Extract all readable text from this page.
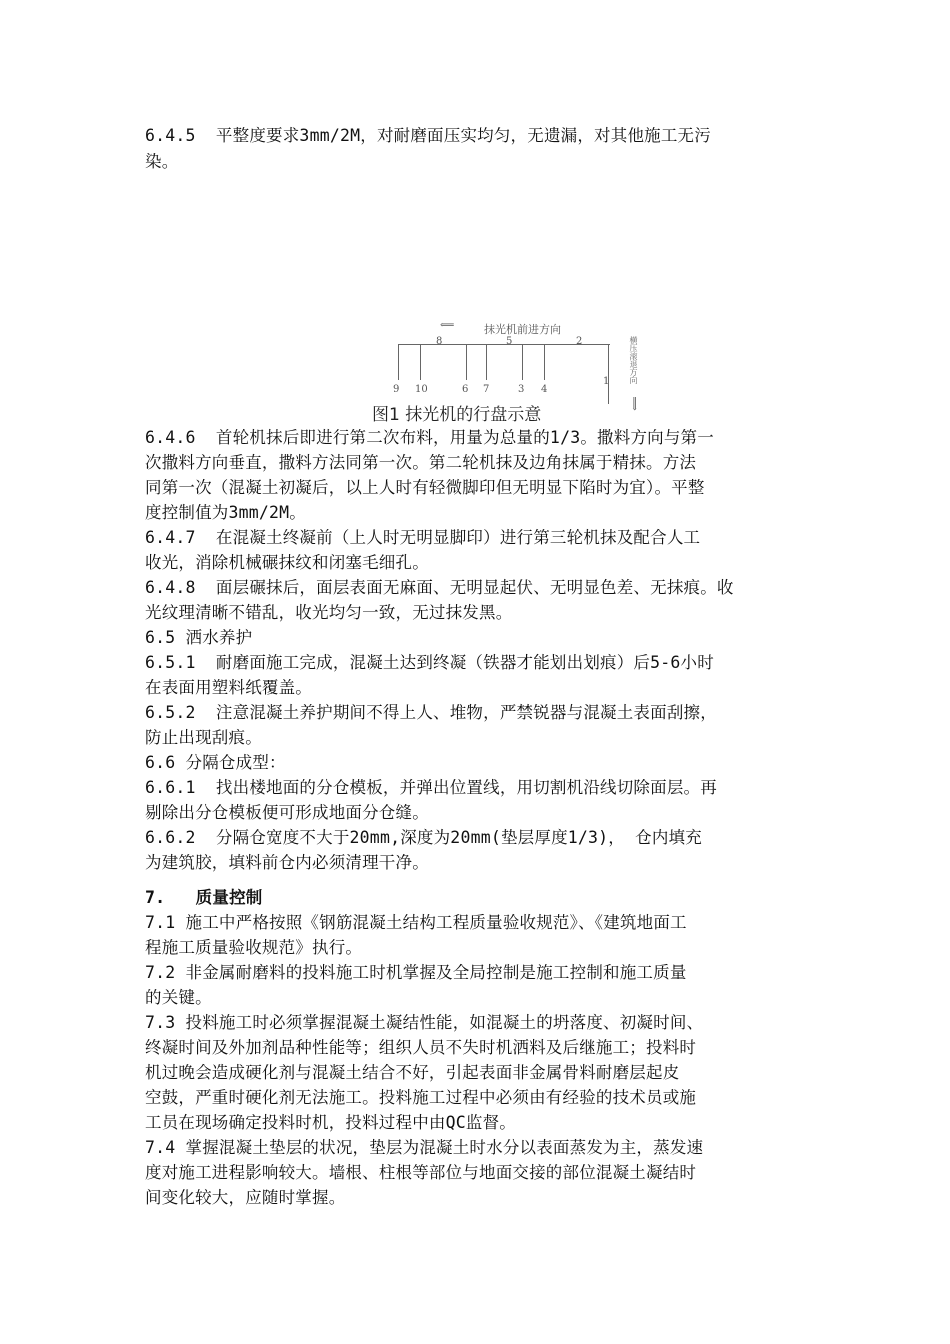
6.4.5  平整度要求3mm/2M，对耐磨面压实均匀，无遗漏，对其他施工无污
染。
⟸	抹光机前进方向
8	5	2
9 10	6 7	3 4
1 横压滚退方向
⟹
图1 抹光机的行盘示意
6.4.6  首轮机抹后即进行第二次布料，用量为总量的1/3。撒料方向与第一
次撒料方向垂直，撒料方法同第一次。第二轮机抹及边角抹属于精抹。方法
同第一次（混凝土初凝后，以上人时有轻微脚印但无明显下陷时为宜）。平整
度控制值为3mm/2M。
6.4.7  在混凝土终凝前（上人时无明显脚印）进行第三轮机抹及配合人工
收光，消除机械碾抹纹和闭塞毛细孔。
6.4.8  面层碾抹后，面层表面无麻面、无明显起伏、无明显色差、无抹痕。收
光纹理清晰不错乱，收光均匀一致，无过抹发黑。
6.5 洒水养护
6.5.1  耐磨面施工完成，混凝土达到终凝（铁器才能划出划痕）后5-6小时
在表面用塑料纸覆盖。
6.5.2  注意混凝土养护期间不得上人、堆物，严禁锐器与混凝土表面刮擦，
防止出现刮痕。
6.6 分隔仓成型：
6.6.1  找出楼地面的分仓模板，并弹出位置线，用切割机沿线切除面层。再
剔除出分仓模板便可形成地面分仓缝。
6.6.2  分隔仓宽度不大于20mm,深度为20mm(垫层厚度1/3)， 仓内填充
为建筑胶，填料前仓内必须清理干净。
7.   质量控制
7.1 施工中严格按照《钢筋混凝土结构工程质量验收规范》、《建筑地面工
程施工质量验收规范》执行。
7.2 非金属耐磨料的投料施工时机掌握及全局控制是施工控制和施工质量
的关键。
7.3 投料施工时必须掌握混凝土凝结性能，如混凝土的坍落度、初凝时间、
终凝时间及外加剂品种性能等；组织人员不失时机洒料及后继施工；投料时
机过晚会造成硬化剂与混凝土结合不好，引起表面非金属骨料耐磨层起皮
空鼓，严重时硬化剂无法施工。投料施工过程中必须由有经验的技术员或施
工员在现场确定投料时机，投料过程中由QC监督。
7.4 掌握混凝土垫层的状况，垫层为混凝土时水分以表面蒸发为主，蒸发速
度对施工进程影响较大。墙根、柱根等部位与地面交接的部位混凝土凝结时
间变化较大，应随时掌握。
